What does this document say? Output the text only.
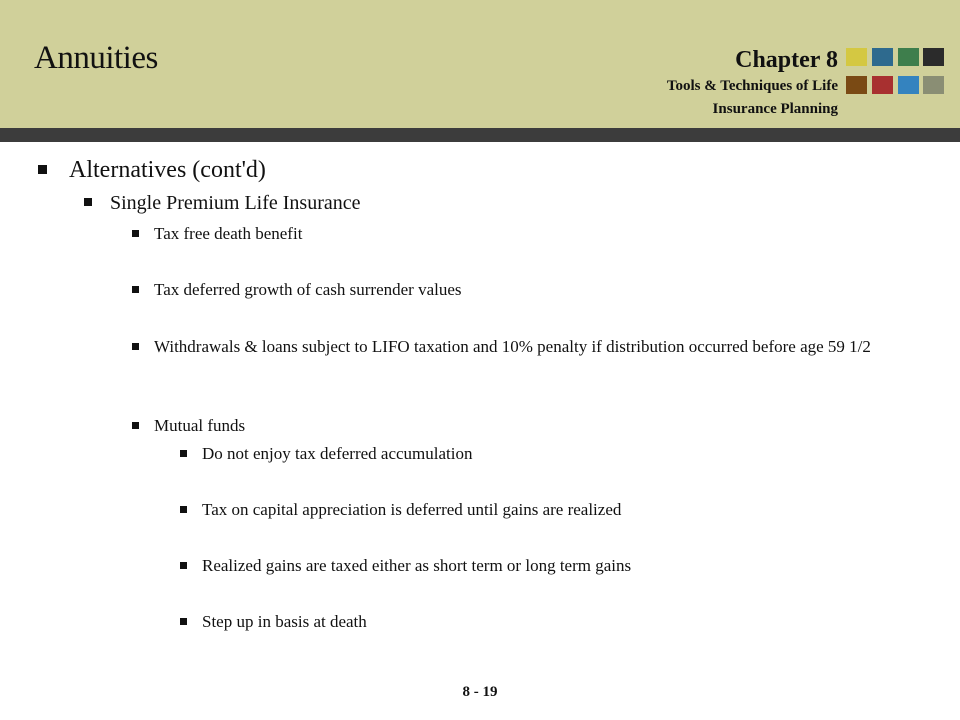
Annuities	Chapter 8
Tools & Techniques of Life
Insurance Planning
Alternatives (cont'd)
Single Premium Life Insurance
Tax free death benefit
Tax deferred growth of cash surrender values
Withdrawals & loans subject to LIFO taxation and 10% penalty if distribution occurred before age 59 1/2
Mutual funds
Do not enjoy tax deferred accumulation
Tax on capital appreciation is deferred until gains are realized
Realized gains are taxed either as short term or long term gains
Step up in basis at death
8 - 19
